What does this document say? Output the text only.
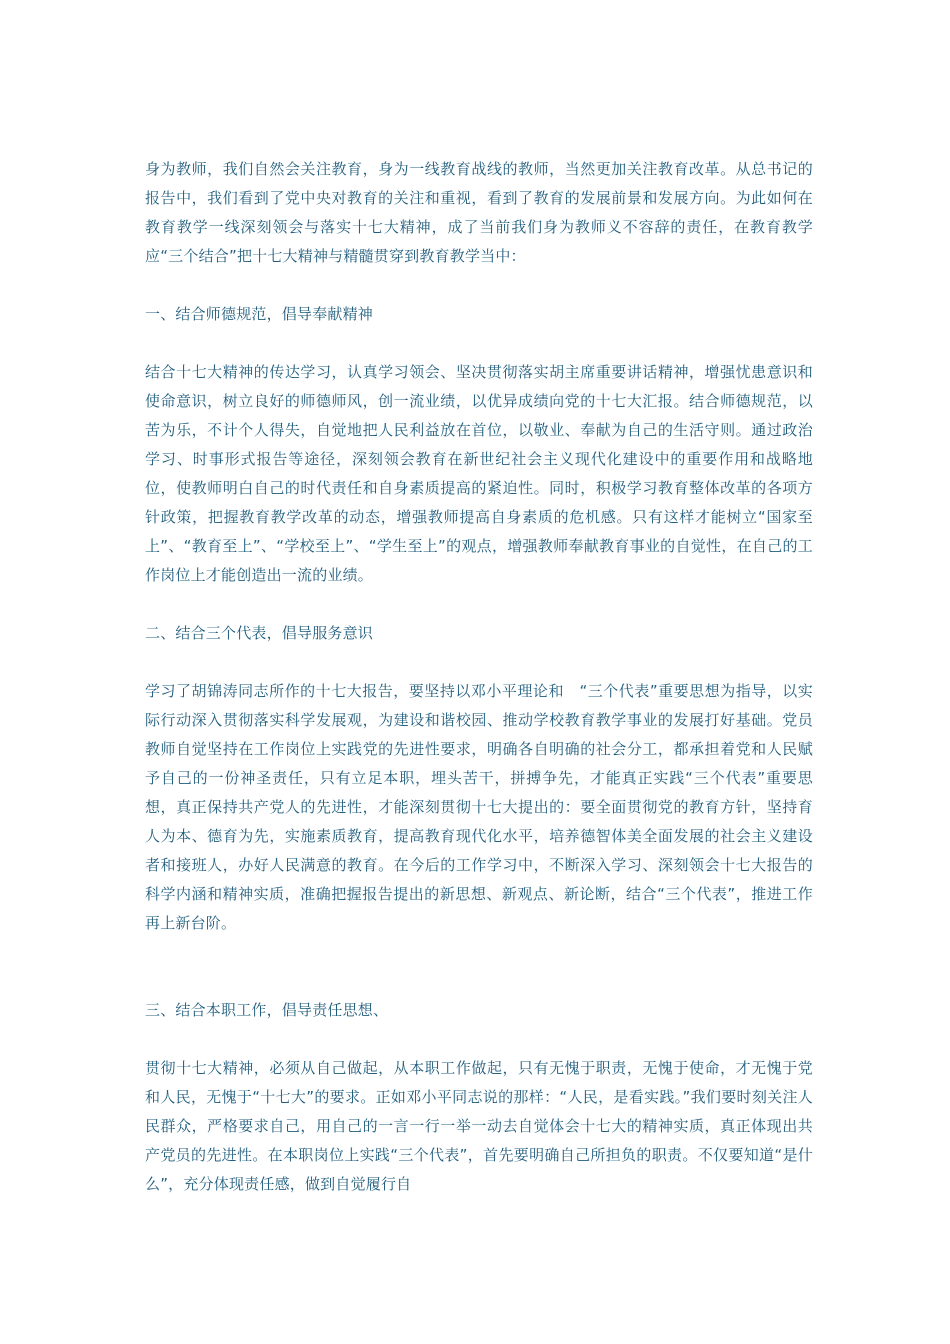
身为教师，我们自然会关注教育，身为一线教育战线的教师，当然更加关注教育改革。从总书记的报告中，我们看到了党中央对教育的关注和重视，看到了教育的发展前景和发展方向。为此如何在教育教学一线深刻领会与落实十七大精神，成了当前我们身为教师义不容辞的责任，在教育教学应“三个结合”把十七大精神与精髓贯穿到教育教学当中：

一、结合师德规范，倡导奉献精神

结合十七大精神的传达学习，认真学习领会、坚决贯彻落实胡主席重要讲话精神，增强忧患意识和使命意识，树立良好的师德师风，创一流业绩，以优异成绩向党的十七大汇报。结合师德规范，以苦为乐，不计个人得失，自觉地把人民利益放在首位，以敬业、奉献为自己的生活守则。通过政治学习、时事形式报告等途径，深刻领会教育在新世纪社会主义现代化建设中的重要作用和战略地位，使教师明白自己的时代责任和自身素质提高的紧迫性。同时，积极学习教育整体改革的各项方针政策，把握教育教学改革的动态，增强教师提高自身素质的危机感。只有这样才能树立“国家至上”、“教育至上”、“学校至上”、“学生至上”的观点，增强教师奉献教育事业的自觉性，在自己的工作岗位上才能创造出一流的业绩。

二、结合三个代表，倡导服务意识

学习了胡锦涛同志所作的十七大报告，要坚持以邓小平理论和　“三个代表”重要思想为指导，以实际行动深入贯彻落实科学发展观，为建设和谐校园、推动学校教育教学事业的发展打好基础。党员教师自觉坚持在工作岗位上实践党的先进性要求，明确各自明确的社会分工，都承担着党和人民赋予自己的一份神圣责任，只有立足本职，埋头苦干，拼搏争先，才能真正实践“三个代表”重要思想，真正保持共产党人的先进性，才能深刻贯彻十七大提出的：要全面贯彻党的教育方针，坚持育人为本、德育为先，实施素质教育，提高教育现代化水平，培养德智体美全面发展的社会主义建设者和接班人，办好人民满意的教育。在今后的工作学习中，不断深入学习、深刻领会十七大报告的科学内涵和精神实质，准确把握报告提出的新思想、新观点、新论断，结合“三个代表”，推进工作再上新台阶。

三、结合本职工作，倡导责任思想、

贯彻十七大精神，必须从自己做起，从本职工作做起，只有无愧于职责，无愧于使命，才无愧于党和人民，无愧于“十七大”的要求。正如邓小平同志说的那样：“人民，是看实践。”我们要时刻关注人民群众，严格要求自己，用自己的一言一行一举一动去自觉体会十七大的精神实质，真正体现出共产党员的先进性。在本职岗位上实践“三个代表”，首先要明确自己所担负的职责。不仅要知道“是什么”，充分体现责任感，做到自觉履行自
